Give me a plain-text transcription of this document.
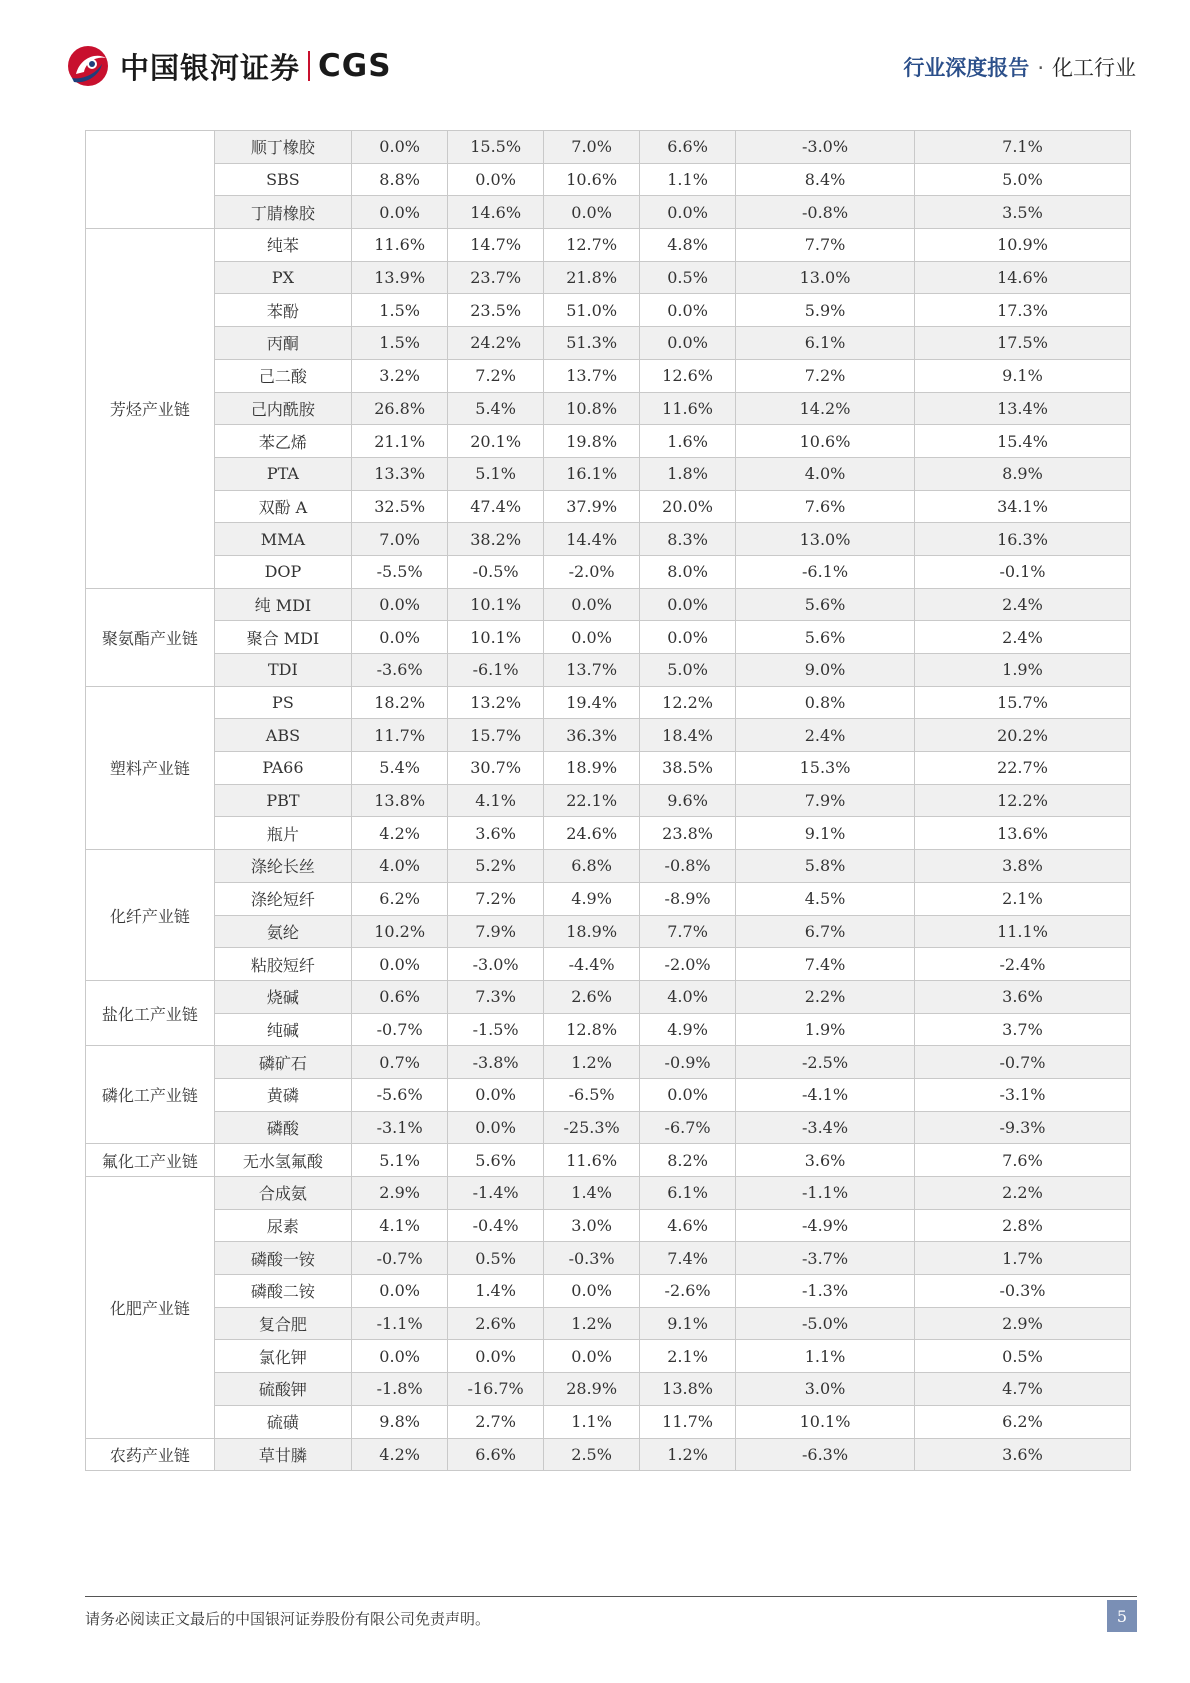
中国银河证券 CGS	行业深度报告 · 化工行业
	顺丁橡胶	0.0%	15.5%	7.0%	6.6%	-3.0%	7.1%
	SBS	8.8%	0.0%	10.6%	1.1%	8.4%	5.0%
	丁腈橡胶	0.0%	14.6%	0.0%	0.0%	-0.8%	3.5%
芳烃产业链	纯苯	11.6%	14.7%	12.7%	4.8%	7.7%	10.9%
	PX	13.9%	23.7%	21.8%	0.5%	13.0%	14.6%
	苯酚	1.5%	23.5%	51.0%	0.0%	5.9%	17.3%
	丙酮	1.5%	24.2%	51.3%	0.0%	6.1%	17.5%
	己二酸	3.2%	7.2%	13.7%	12.6%	7.2%	9.1%
	己内酰胺	26.8%	5.4%	10.8%	11.6%	14.2%	13.4%
	苯乙烯	21.1%	20.1%	19.8%	1.6%	10.6%	15.4%
	PTA	13.3%	5.1%	16.1%	1.8%	4.0%	8.9%
	双酚 A	32.5%	47.4%	37.9%	20.0%	7.6%	34.1%
	MMA	7.0%	38.2%	14.4%	8.3%	13.0%	16.3%
	DOP	-5.5%	-0.5%	-2.0%	8.0%	-6.1%	-0.1%
聚氨酯产业链	纯 MDI	0.0%	10.1%	0.0%	0.0%	5.6%	2.4%
	聚合 MDI	0.0%	10.1%	0.0%	0.0%	5.6%	2.4%
	TDI	-3.6%	-6.1%	13.7%	5.0%	9.0%	1.9%
塑料产业链	PS	18.2%	13.2%	19.4%	12.2%	0.8%	15.7%
	ABS	11.7%	15.7%	36.3%	18.4%	2.4%	20.2%
	PA66	5.4%	30.7%	18.9%	38.5%	15.3%	22.7%
	PBT	13.8%	4.1%	22.1%	9.6%	7.9%	12.2%
	瓶片	4.2%	3.6%	24.6%	23.8%	9.1%	13.6%
化纤产业链	涤纶长丝	4.0%	5.2%	6.8%	-0.8%	5.8%	3.8%
	涤纶短纤	6.2%	7.2%	4.9%	-8.9%	4.5%	2.1%
	氨纶	10.2%	7.9%	18.9%	7.7%	6.7%	11.1%
	粘胶短纤	0.0%	-3.0%	-4.4%	-2.0%	7.4%	-2.4%
盐化工产业链	烧碱	0.6%	7.3%	2.6%	4.0%	2.2%	3.6%
	纯碱	-0.7%	-1.5%	12.8%	4.9%	1.9%	3.7%
磷化工产业链	磷矿石	0.7%	-3.8%	1.2%	-0.9%	-2.5%	-0.7%
	黄磷	-5.6%	0.0%	-6.5%	0.0%	-4.1%	-3.1%
	磷酸	-3.1%	0.0%	-25.3%	-6.7%	-3.4%	-9.3%
氟化工产业链	无水氢氟酸	5.1%	5.6%	11.6%	8.2%	3.6%	7.6%
化肥产业链	合成氨	2.9%	-1.4%	1.4%	6.1%	-1.1%	2.2%
	尿素	4.1%	-0.4%	3.0%	4.6%	-4.9%	2.8%
	磷酸一铵	-0.7%	0.5%	-0.3%	7.4%	-3.7%	1.7%
	磷酸二铵	0.0%	1.4%	0.0%	-2.6%	-1.3%	-0.3%
	复合肥	-1.1%	2.6%	1.2%	9.1%	-5.0%	2.9%
	氯化钾	0.0%	0.0%	0.0%	2.1%	1.1%	0.5%
	硫酸钾	-1.8%	-16.7%	28.9%	13.8%	3.0%	4.7%
	硫磺	9.8%	2.7%	1.1%	11.7%	10.1%	6.2%
农药产业链	草甘膦	4.2%	6.6%	2.5%	1.2%	-6.3%	3.6%
请务必阅读正文最后的中国银河证券股份有限公司免责声明。	5
